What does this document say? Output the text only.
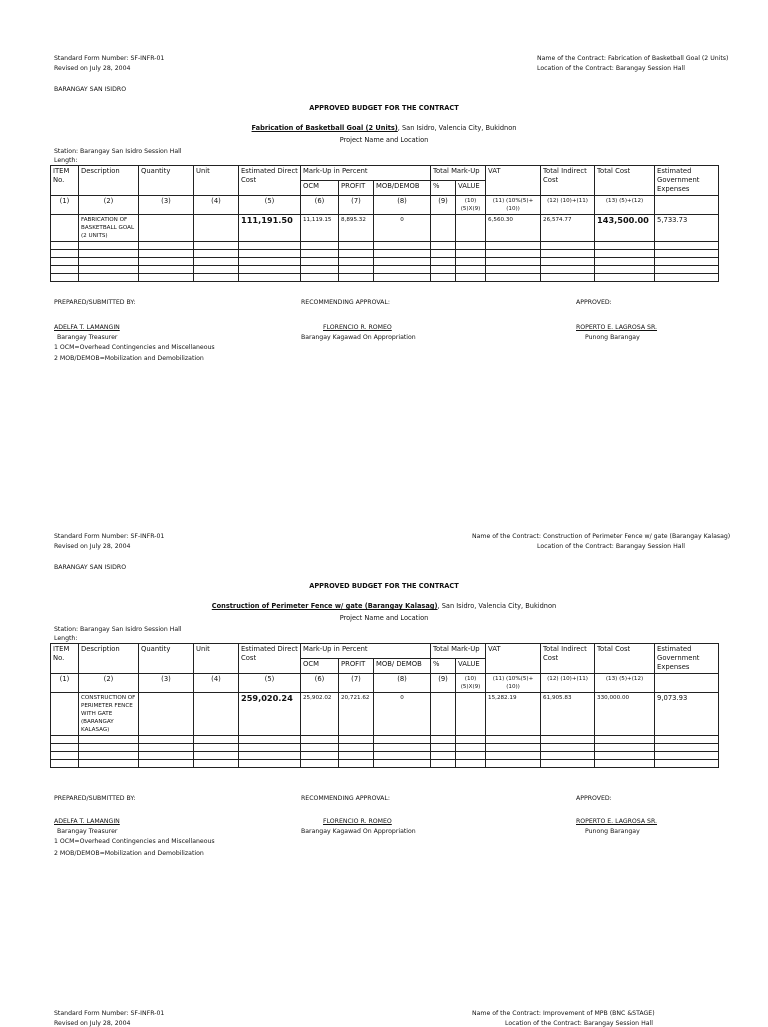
Standard Form Number: SF-INFR-01
Revised on July 28, 2004
Name of the Contract: Fabrication of Basketball Goal (2 Units)
Location of the Contract: Barangay Session Hall
BARANGAY SAN ISIDRO
APPROVED BUDGET FOR THE CONTRACT
Fabrication of Basketball Goal (2 Units), San Isidro, Valencia City, Bukidnon
Project Name and Location
Station: Barangay San Isidro Session Hall
Length:
ITEM No.	Description	Quantity	Unit	Estimated Direct Cost	Mark-Up in Percent			Total Mark-Up		VAT	Total Indirect Cost	Total Cost	Estimated Government Expenses
					OCM	PROFIT	MOB/DEMOB	%	VALUE				
(1)	(2)	(3)	(4)	(5)	(6)	(7)	(8)	(9)	(10) (5)X(9)	(11) (10%(5)+(10))	(12) (10)+(11)	(13) (5)+(12)	
	FABRICATION OF BASKETBALL GOAL (2 UNITS)			111,191.50	11,119.15	8,895.32	0			6,560.30	26,574.77	143,500.00	5,733.73

PREPARED/SUBMITTED BY:	RECOMMENDING APPROVAL:	APPROVED:
ADELFA T. LAMANGIN
Barangay Treasurer
FLORENCIO R. ROMEO
Barangay Kagawad On Appropriation
ROPERTO E. LAGROSA SR.
Punong Barangay
1 OCM=Overhead Contingencies and Miscellaneous
2 MOB/DEMOB=Mobilization and Demobilization
Standard Form Number: SF-INFR-01
Revised on July 28, 2004
Name of the Contract: Construction of Perimeter Fence w/ gate (Barangay Kalasag)
Location of the Contract: Barangay Session Hall
BARANGAY SAN ISIDRO
APPROVED BUDGET FOR THE CONTRACT
Construction of Perimeter Fence w/ gate (Barangay Kalasag), San Isidro, Valencia City, Bukidnon
Project Name and Location
Station: Barangay San Isidro Session Hall
Length:
ITEM No.	Description	Quantity	Unit	Estimated Direct Cost	Mark-Up in Percent			Total Mark-Up		VAT	Total Indirect Cost	Total Cost	Estimated Government Expenses
					OCM	PROFIT	MOB/ DEMOB	%	VALUE				
(1)	(2)	(3)	(4)	(5)	(6)	(7)	(8)	(9)	(10) (5)X(9)	(11) (10%(5)+(10))	(12) (10)+(11)	(13) (5)+(12)	
	CONSTRUCTION OF PERIMETER FENCE WITH GATE (BARANGAY KALASAG)			259,020.24	25,902.02	20,721.62	0			15,282.19	61,905.83	330,000.00	9,073.93

PREPARED/SUBMITTED BY:	RECOMMENDING APPROVAL:	APPROVED:
ADELFA T. LAMANGIN
Barangay Treasurer
FLORENCIO R. ROMEO
Barangay Kagawad On Appropriation
ROPERTO E. LAGROSA SR.
Punong Barangay
1 OCM=Overhead Contingencies and Miscellaneous
2 MOB/DEMOB=Mobilization and Demobilization
Standard Form Number: SF-INFR-01
Revised on July 28, 2004
Name of the Contract: Improvement of MPB (BNC &STAGE)
Location of the Contract: Barangay Session Hall
